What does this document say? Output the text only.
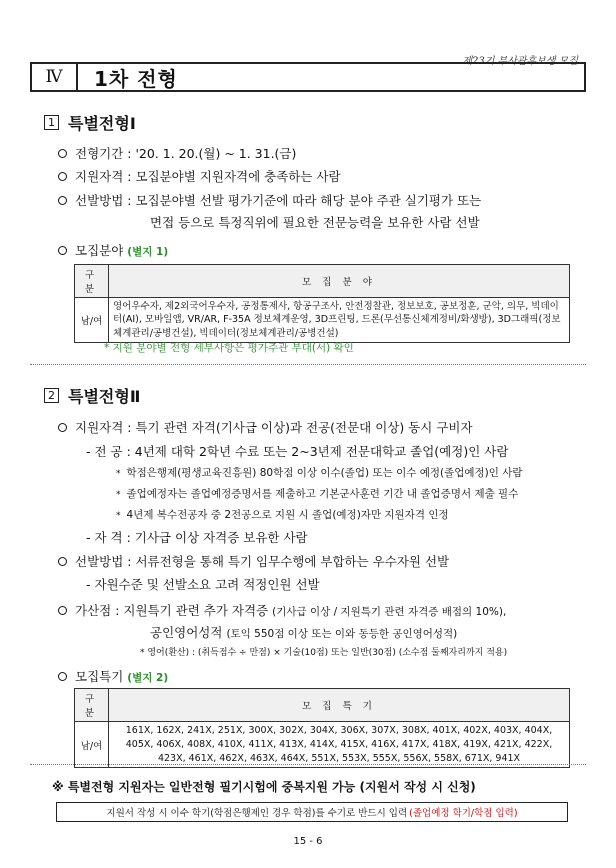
제23기 부사관후보생 모집
Ⅳ	1차 전형
1 특별전형Ⅰ
전형기간 : '20. 1. 20.(월) ~ 1. 31.(금)
지원자격 : 모집분야별 지원자격에 충족하는 사람
선발방법 : 모집분야별 선발 평가기준에 따라 해당 분야 주관 실기평가 또는
면접 등으로 특정직위에 필요한 전문능력을 보유한 사람 선발
모집분야 (별지 1)
구 분	모 집 분 야
남/여	영어우수자, 제2외국어우수자, 공정통제사, 항공구조사, 안전정찰관, 정보보호, 공보정훈, 군악, 의무, 빅데이터(AI), 모바일앱, VR/AR, F-35A 정보체계운영, 3D프린팅, 드론(무선통신체계정비/화생방), 3D그래픽(정보체계관리/공병건설), 빅데이터(정보체계관리/공병건설)
* 지원 분야별 전형 세부사항은 평가주관 부대(서) 확인
2 특별전형Ⅱ
지원자격 : 특기 관련 자격(기사급 이상)과 전공(전문대 이상) 동시 구비자
- 전 공 : 4년제 대학 2학년 수료 또는 2~3년제 전문대학교 졸업(예정)인 사람
* 학점은행제(평생교육진흥원) 80학점 이상 이수(졸업) 또는 이수 예정(졸업예정)인 사람
* 졸업예정자는 졸업예정증명서를 제출하고 기본군사훈련 기간 내 졸업증명서 제출 필수
* 4년제 복수전공자 중 2전공으로 지원 시 졸업(예정)자만 지원자격 인정
- 자 격 : 기사급 이상 자격증 보유한 사람
선발방법 : 서류전형을 통해 특기 임무수행에 부합하는 우수자원 선발
- 자원수준 및 선발소요 고려 적정인원 선발
가산점 : 지원특기 관련 추가 자격증 (기사급 이상 / 지원특기 관련 자격증 배점의 10%),
공인영어성적 (토익 550점 이상 또는 이와 동등한 공인영어성적)
* 영어(환산) : (취득점수 ÷ 만점) × 기술(10점) 또는 일반(30점) (소수점 둘째자리까지 적용)
모집특기 (별지 2)
구 분	모 집 특 기
남/여	161X, 162X, 241X, 251X, 300X, 302X, 304X, 306X, 307X, 308X, 401X, 402X, 403X, 404X,
405X, 406X, 408X, 410X, 411X, 413X, 414X, 415X, 416X, 417X, 418X, 419X, 421X, 422X,
423X, 461X, 462X, 463X, 464X, 551X, 553X, 555X, 556X, 558X, 671X, 941X
※ 특별전형 지원자는 일반전형 필기시험에 중복지원 가능 (지원서 작성 시 신청)
지원서 작성 시 이수 학기(학점은행제인 경우 학점)를 수기로 반드시 입력 (졸업예정 학기/학점 입력)
15 - 6
